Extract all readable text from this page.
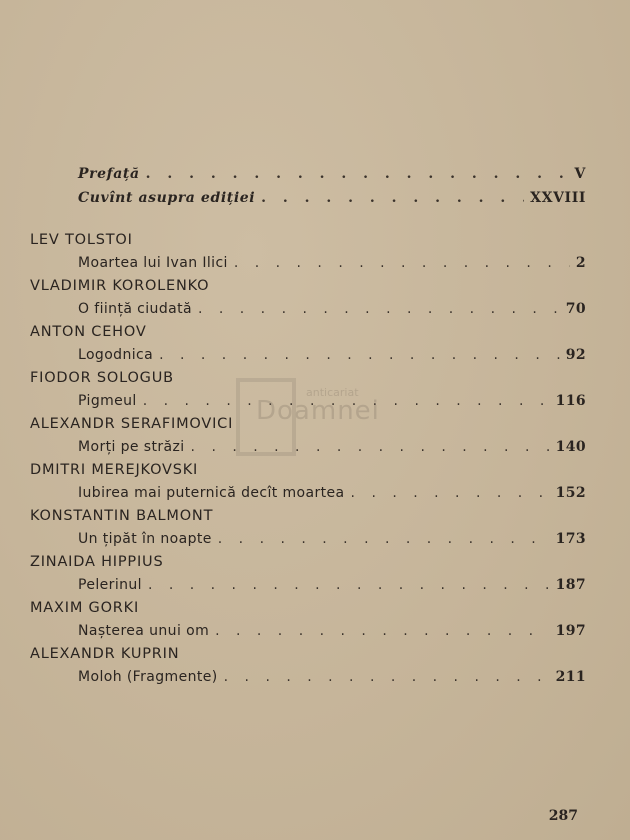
Prefață . . .	V
Cuvînt asupra ediției . . .	XXVIII
LEV TOLSTOI
Moartea lui Ivan Ilici . . .	2
VLADIMIR KOROLENKO
O ființă ciudată . . .	70
ANTON CEHOV
Logodnica . . .	92
FIODOR SOLOGUB
Pigmeul . . .	116
ALEXANDR SERAFIMOVICI
Morți pe străzi . . .	140
DMITRI MEREJKOVSKI
Iubirea mai puternică decît moartea . . .	152
KONSTANTIN BALMONT
Un țipăt în noapte . . .	173
ZINAIDA HIPPIUS
Pelerinul . . .	187
MAXIM GORKI
Nașterea unui om . . .	197
ALEXANDR KUPRIN
Moloh (Fragmente) . . .	211
anticariat
Doamnei
287
